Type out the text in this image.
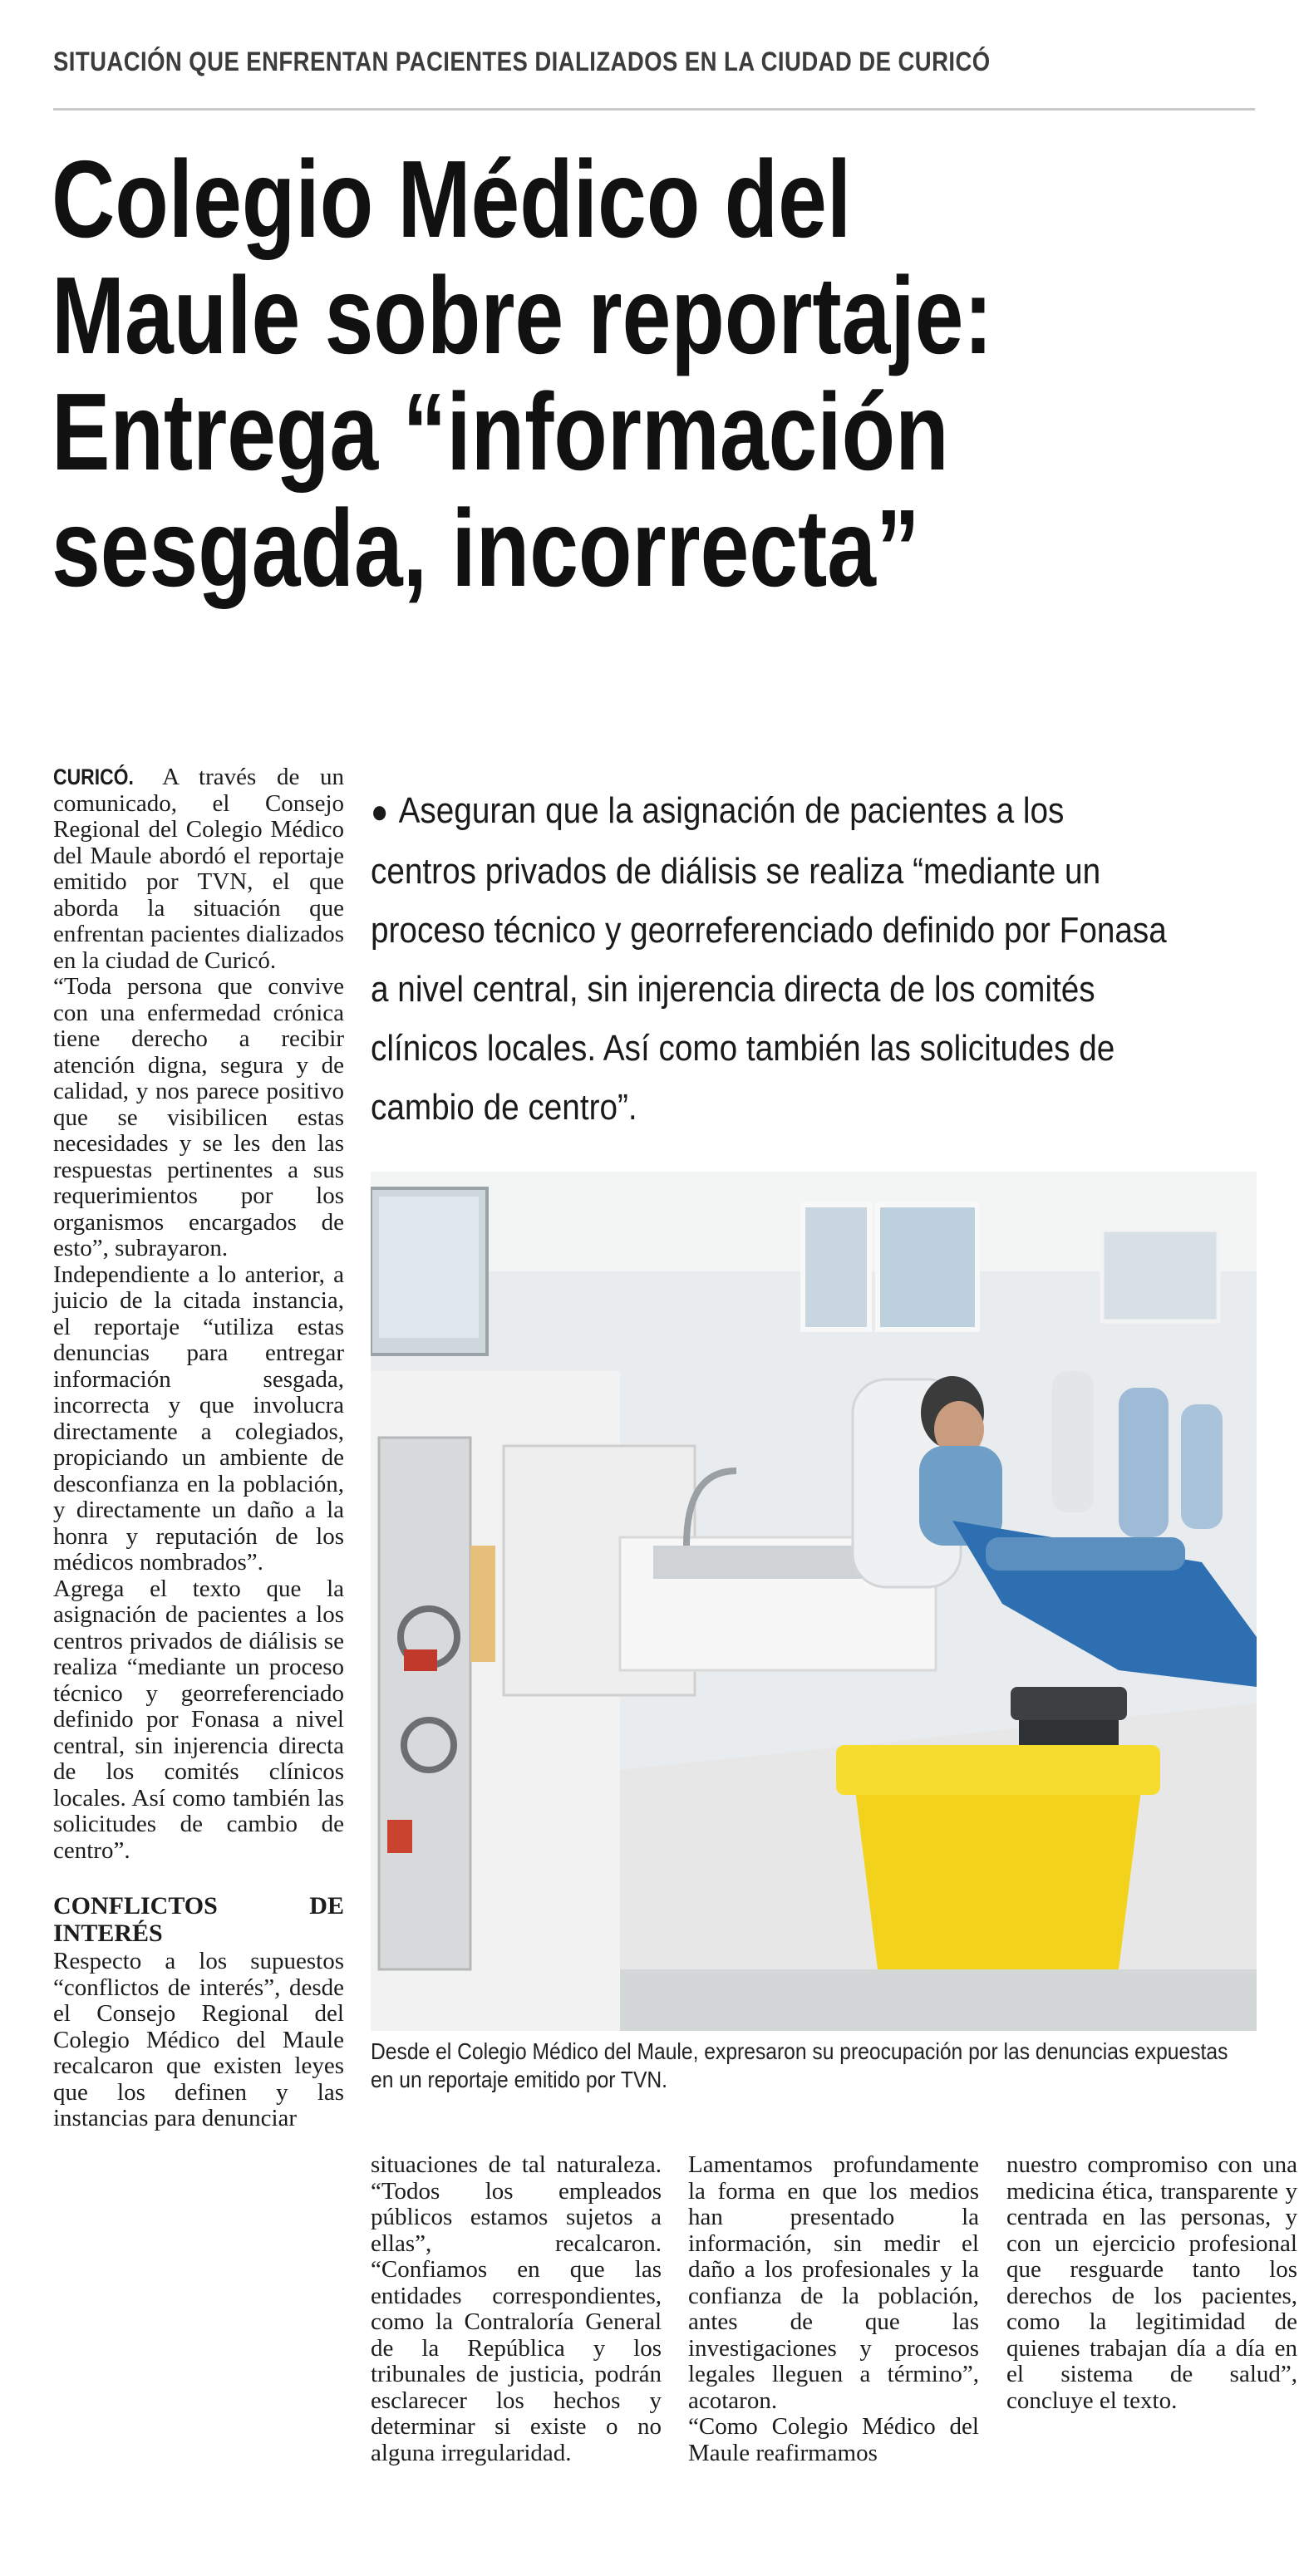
SITUACIÓN QUE ENFRENTAN PACIENTES DIALIZADOS EN LA CIUDAD DE CURICÓ
Colegio Médico del
Maule sobre reportaje:
Entrega “información
sesgada, incorrecta”

CURICÓ. A través de un comunicado, el Consejo Regional del Colegio Médico del Maule abordó el reportaje emitido por TVN, el que aborda la situación que enfrentan pacientes dializados en la ciudad de Curicó.

“Toda persona que convive con una enfermedad crónica tiene derecho a recibir atención digna, segura y de calidad, y nos parece positivo que se visibilicen estas necesidades y se les den las respuestas pertinentes a sus requerimientos por los organismos encargados de esto”, subrayaron.

Independiente a lo anterior, a juicio de la citada instancia, el reportaje “utiliza estas denuncias para entregar información sesgada, incorrecta y que involucra directamente a colegiados, propiciando un ambiente de desconfianza en la población, y directamente un daño a la honra y reputación de los médicos nombrados”.

Agrega el texto que la asignación de pacientes a los centros privados de diálisis se realiza “mediante un proceso técnico y georreferenciado definido por Fonasa a nivel central, sin injerencia directa de los comités clínicos locales. Así como también las solicitudes de cambio de centro”.

CONFLICTOS DE INTERÉS

Respecto a los supuestos “conflictos de interés”, desde el Consejo Regional del Colegio Médico del Maule recalcaron que existen leyes que los definen y las instancias para denunciar

● Aseguran que la asignación de pacientes a los centros privados de diálisis se realiza “mediante un proceso técnico y georreferenciado definido por Fonasa a nivel central, sin injerencia directa de los comités clínicos locales. Así como también las solicitudes de cambio de centro”.

Desde el Colegio Médico del Maule, expresaron su preocupación por las denuncias expuestas en un reportaje emitido por TVN.

situaciones de tal naturaleza. “Todos los empleados públicos estamos sujetos a ellas”, recalcaron. “Confiamos en que las entidades correspondientes, como la Contraloría General de la República y los tribunales de justicia, podrán esclarecer los hechos y determinar si existe o no alguna irregularidad.

Lamentamos profundamente la forma en que los medios han presentado la información, sin medir el daño a los profesionales y la confianza de la población, antes de que las investigaciones y procesos legales lleguen a término”, acotaron.

“Como Colegio Médico del Maule reafirmamos

nuestro compromiso con una medicina ética, transparente y centrada en las personas, y con un ejercicio profesional que resguarde tanto los derechos de los pacientes, como la legitimidad de quienes trabajan día a día en el sistema de salud”, concluye el texto.
